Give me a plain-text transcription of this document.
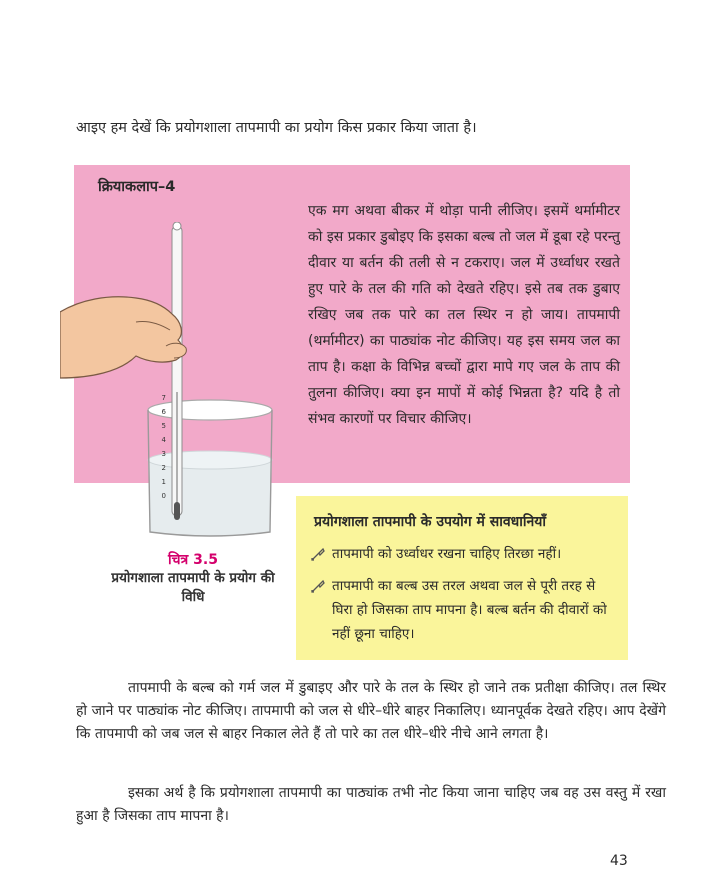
आइए हम देखें कि प्रयोगशाला तापमापी का प्रयोग किस प्रकार किया जाता है।

क्रियाकलाप–4

एक मग अथवा बीकर में थोड़ा पानी लीजिए। इसमें थर्मामीटर को इस प्रकार डुबोइए कि इसका बल्ब तो जल में डूबा रहे परन्तु दीवार या बर्तन की तली से न टकराए। जल में उर्ध्वाधर रखते हुए पारे के तल की गति को देखते रहिए। इसे तब तक डुबाए रखिए जब तक पारे का तल स्थिर न हो जाय। तापमापी (थर्मामीटर) का पाठ्यांक नोट कीजिए। यह इस समय जल का ताप है। कक्षा के विभिन्न बच्चों द्वारा मापे गए जल के ताप की तुलना कीजिए। क्या इन मापों में कोई भिन्नता है? यदि है तो संभव कारणों पर विचार कीजिए।

7
6
5
4
3
2
1
0
चित्र 3.5
प्रयोगशाला तापमापी के प्रयोग की विधि

प्रयोगशाला तापमापी के उपयोग में सावधानियाँ

तापमापी को उर्ध्वाधर रखना चाहिए तिरछा नहीं।
तापमापी का बल्ब उस तरल अथवा जल से पूरी तरह से घिरा हो जिसका ताप मापना है। बल्ब बर्तन की दीवारों को नहीं छूना चाहिए।

तापमापी के बल्ब को गर्म जल में डुबाइए और पारे के तल के स्थिर हो जाने तक प्रतीक्षा कीजिए। तल स्थिर हो जाने पर पाठ्यांक नोट कीजिए। तापमापी को जल से धीरे–धीरे बाहर निकालिए। ध्यानपूर्वक देखते रहिए। आप देखेंगे कि तापमापी को जब जल से बाहर निकाल लेते हैं तो पारे का तल धीरे–धीरे नीचे आने लगता है।

इसका अर्थ है कि प्रयोगशाला तापमापी का पाठ्यांक तभी नोट किया जाना चाहिए जब वह उस वस्तु में रखा हुआ है जिसका ताप मापना है।

43
